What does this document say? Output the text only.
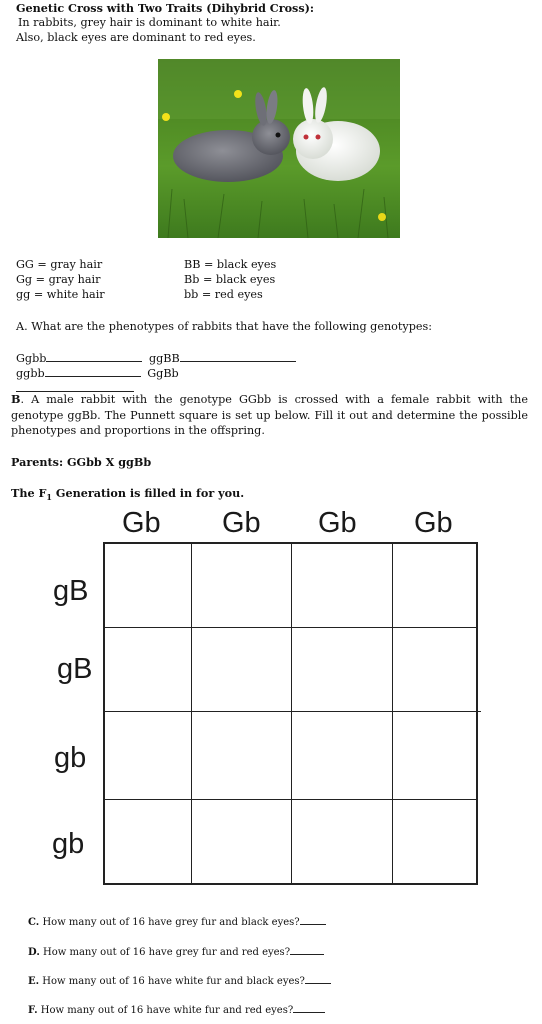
Genetic Cross with Two Traits (Dihybrid Cross):
In rabbits, grey hair is dominant to white hair.
Also, black eyes are dominant to red eyes.
GG = gray hair
Gg = gray hair
gg = white hair
BB = black eyes
Bb = black eyes
bb = red eyes
A. What are the phenotypes of rabbits that have the following genotypes:
Ggbb	ggBB
ggbb	GgBb
B. A male rabbit with the genotype GGbb is crossed with a female rabbit with the genotype ggBb. The Punnett square is set up below. Fill it out and determine the possible phenotypes and proportions in the offspring.
Parents: GGbb X ggBb
The $F_1$ Generation is filled in for you.
Gb Gb Gb Gb
gB
gB
gb
gb
C. How many out of 16 have grey fur and black eyes?
D. How many out of 16 have grey fur and red eyes?
E. How many out of 16 have white fur and black eyes?
F. How many out of 16 have white fur and red eyes?
